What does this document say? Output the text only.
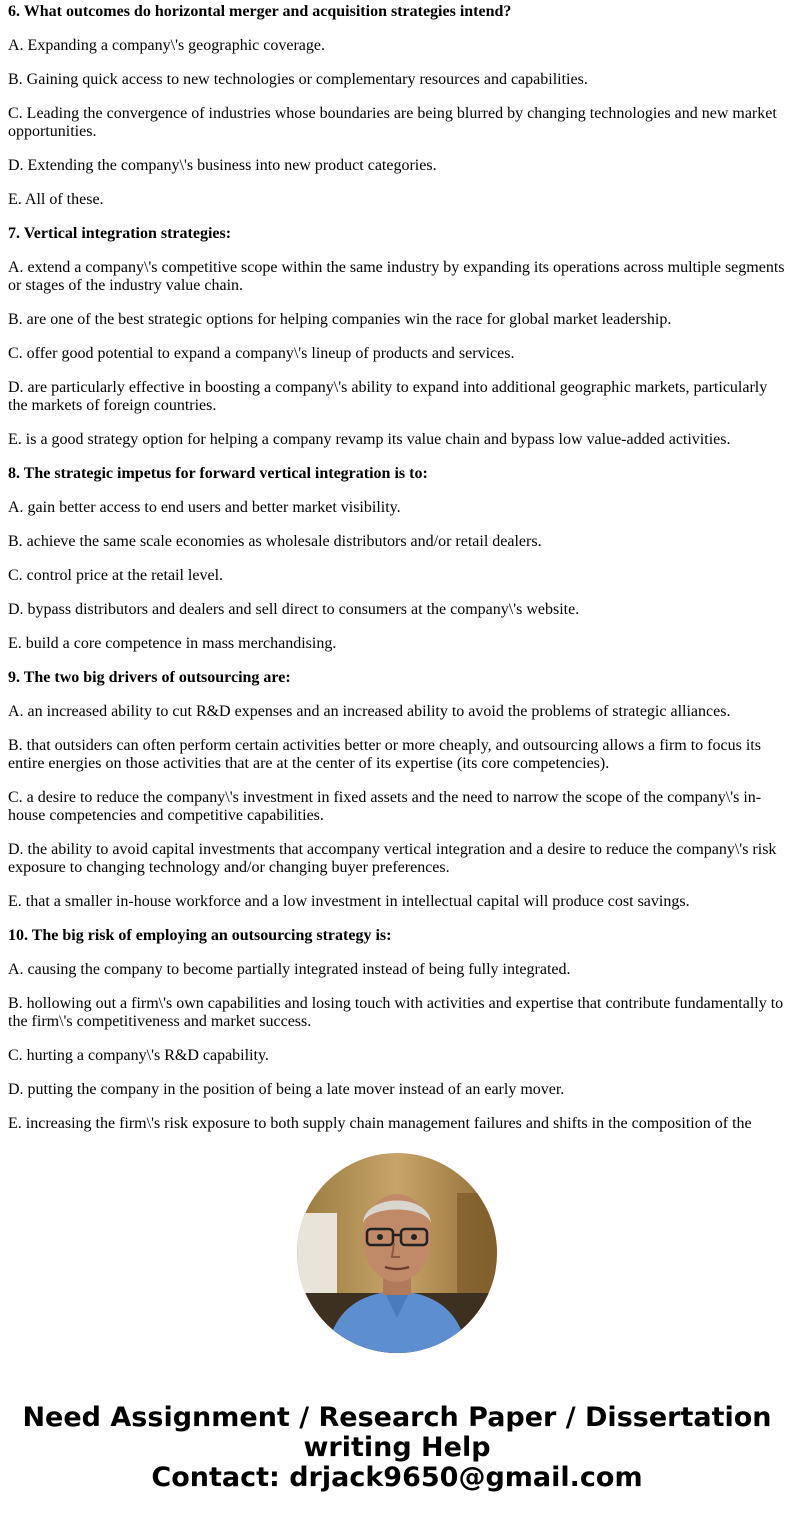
6. What outcomes do horizontal merger and acquisition strategies intend?

A. Expanding a company\'s geographic coverage.

B. Gaining quick access to new technologies or complementary resources and capabilities.

C. Leading the convergence of industries whose boundaries are being blurred by changing technologies and new market opportunities.

D. Extending the company\'s business into new product categories.

E. All of these.

7. Vertical integration strategies:

A. extend a company\'s competitive scope within the same industry by expanding its operations across multiple segments or stages of the industry value chain.

B. are one of the best strategic options for helping companies win the race for global market leadership.

C. offer good potential to expand a company\'s lineup of products and services.

D. are particularly effective in boosting a company\'s ability to expand into additional geographic markets, particularly the markets of foreign countries.

E. is a good strategy option for helping a company revamp its value chain and bypass low value-added activities.

8. The strategic impetus for forward vertical integration is to:

A. gain better access to end users and better market visibility.

B. achieve the same scale economies as wholesale distributors and/or retail dealers.

C. control price at the retail level.

D. bypass distributors and dealers and sell direct to consumers at the company\'s website.

E. build a core competence in mass merchandising.

9. The two big drivers of outsourcing are:

A. an increased ability to cut R&D expenses and an increased ability to avoid the problems of strategic alliances.

B. that outsiders can often perform certain activities better or more cheaply, and outsourcing allows a firm to focus its entire energies on those activities that are at the center of its expertise (its core competencies).

C. a desire to reduce the company\'s investment in fixed assets and the need to narrow the scope of the company\'s in-house competencies and competitive capabilities.

D. the ability to avoid capital investments that accompany vertical integration and a desire to reduce the company\'s risk exposure to changing technology and/or changing buyer preferences.

E. that a smaller in-house workforce and a low investment in intellectual capital will produce cost savings.

10. The big risk of employing an outsourcing strategy is:

A. causing the company to become partially integrated instead of being fully integrated.

B. hollowing out a firm\'s own capabilities and losing touch with activities and expertise that contribute fundamentally to the firm\'s competitiveness and market success.

C. hurting a company\'s R&D capability.

D. putting the company in the position of being a late mover instead of an early mover.

E. increasing the firm\'s risk exposure to both supply chain management failures and shifts in the composition of the

Need Assignment / Research Paper / Dissertation
writing Help
Contact: drjack9650@gmail.com
